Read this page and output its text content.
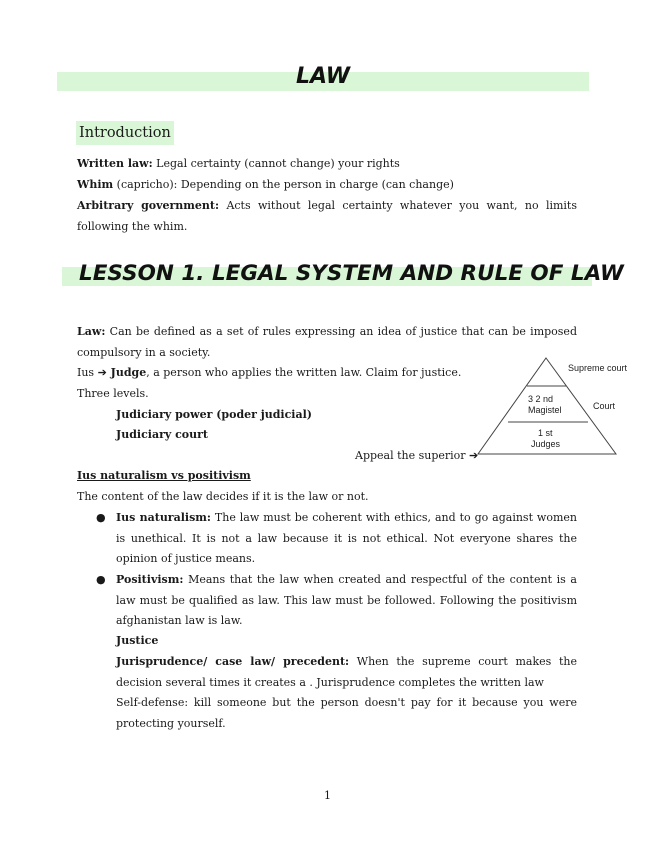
LAW
Introduction
Written law: Legal certainty (cannot change) your rights
Whim (capricho): Depending on the person in charge (can change)
Arbitrary government: Acts without legal certainty whatever you want, no limits following the whim.
LESSON 1. LEGAL SYSTEM AND RULE OF LAW
Law: Can be defined as a set of rules expressing an idea of justice that can be imposed compulsory in a society.
Ius ➔ Judge, a person who applies the written law. Claim for justice. Three levels.
Judiciary power (poder judicial)
Judiciary court
Appeal the superior ➔
Supreme court
3 2 nd
Magistel	Court
1 st
Judges
Ius naturalism vs positivism
The content of the law decides if it is the law or not.
● Ius naturalism: The law must be coherent with ethics, and to go against women is unethical. It is not a law because it is not ethical. Not everyone shares the opinion of justice means.
● Positivism: Means that the law when created and respectful of the content is a law must be qualified as law. This law must be followed. Following the positivism afghanistan law is law.
Justice
Jurisprudence/ case law/ precedent: When the supreme court makes the decision several times it creates a . Jurisprudence completes the written law
Self-defense: kill someone but the person doesn't pay for it because you were protecting yourself.
1
